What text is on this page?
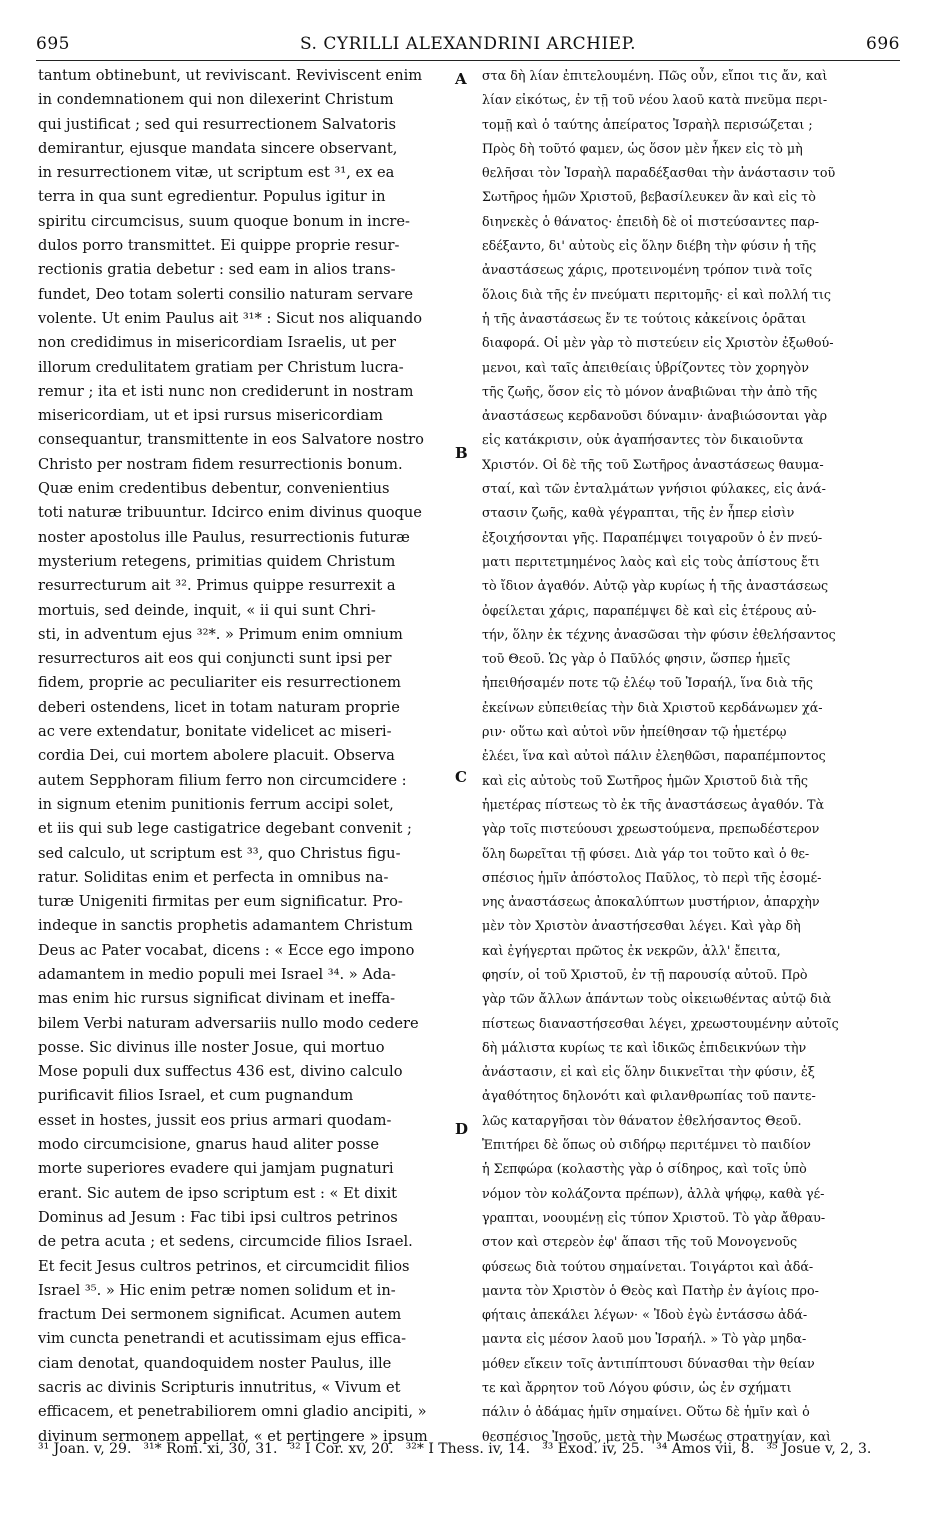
695	S. CYRILLI ALEXANDRINI ARCHIEP.	696
tantum obtinebunt, ut reviviscant. Reviviscent enim
in condemnationem qui non dilexerint Christum
qui justificat ; sed qui resurrectionem Salvatoris
demirantur, ejusque mandata sincere observant,
in resurrectionem vitæ, ut scriptum est ³¹, ex ea
terra in qua sunt egredientur. Populus igitur in
spiritu circumcisus, suum quoque bonum in incre-
dulos porro transmittet. Ei quippe proprie resur-
rectionis gratia debetur : sed eam in alios trans-
fundet, Deo totam solerti consilio naturam servare
volente. Ut enim Paulus ait ³¹* : Sicut nos aliquando
non credidimus in misericordiam Israelis, ut per
illorum credulitatem gratiam per Christum lucra-
remur ; ita et isti nunc non crediderunt in nostram
misericordiam, ut et ipsi rursus misericordiam
consequantur, transmittente in eos Salvatore nostro
Christo per nostram fidem resurrectionis bonum.
Quæ enim credentibus debentur, convenientius
toti naturæ tribuuntur. Idcirco enim divinus quoque
noster apostolus ille Paulus, resurrectionis futuræ
mysterium retegens, primitias quidem Christum
resurrecturum ait ³². Primus quippe resurrexit a
mortuis, sed deinde, inquit, « ii qui sunt Chri-
sti, in adventum ejus ³²*. » Primum enim omnium
resurrecturos ait eos qui conjuncti sunt ipsi per
fidem, proprie ac peculiariter eis resurrectionem
deberi ostendens, licet in totam naturam proprie
ac vere extendatur, bonitate videlicet ac miseri-
cordia Dei, cui mortem abolere placuit. Observa
autem Sepphoram filium ferro non circumcidere :
in signum etenim punitionis ferrum accipi solet,
et iis qui sub lege castigatrice degebant convenit ;
sed calculo, ut scriptum est ³³, quo Christus figu-
ratur. Soliditas enim et perfecta in omnibus na-
turæ Unigeniti firmitas per eum significatur. Pro-
indeque in sanctis prophetis adamantem Christum
Deus ac Pater vocabat, dicens : « Ecce ego impono
adamantem in medio populi mei Israel ³⁴. » Ada-
mas enim hic rursus significat divinam et ineffa-
bilem Verbi naturam adversariis nullo modo cedere
posse. Sic divinus ille noster Josue, qui mortuo
Mose populi dux suffectus 436 est, divino calculo
purificavit filios Israel, et cum pugnandum
esset in hostes, jussit eos prius armari quodam-
modo circumcisione, gnarus haud aliter posse
morte superiores evadere qui jamjam pugnaturi
erant. Sic autem de ipso scriptum est : « Et dixit
Dominus ad Jesum : Fac tibi ipsi cultros petrinos
de petra acuta ; et sedens, circumcide filios Israel.
Et fecit Jesus cultros petrinos, et circumcidit filios
Israel ³⁵. » Hic enim petræ nomen solidum et in-
fractum Dei sermonem significat. Acumen autem
vim cuncta penetrandi et acutissimam ejus effica-
ciam denotat, quandoquidem noster Paulus, ille
sacris ac divinis Scripturis innutritus, « Vivum et
efficacem, et penetrabiliorem omni gladio ancipiti, »
divinum sermonem appellat, « et pertingere » ipsum
στα δὴ λίαν ἐπιτελουμένη. Πῶς οὖν, εἴποι τις ἄν, καὶ
λίαν εἰκότως, ἐν τῇ τοῦ νέου λαοῦ κατὰ πνεῦμα περι-
τομῇ καὶ ὁ ταύτης ἀπείρατος Ἰσραὴλ περισώζεται ;
Πρὸς δὴ τοῦτό φαμεν, ὡς ὅσον μὲν ἧκεν εἰς τὸ μὴ
θελῆσαι τὸν Ἰσραὴλ παραδέξασθαι τὴν ἀνάστασιν τοῦ
Σωτῆρος ἡμῶν Χριστοῦ, βεβασίλευκεν ἂν καὶ εἰς τὸ
διηνεκὲς ὁ θάνατος· ἐπειδὴ δὲ οἱ πιστεύσαντες παρ-
εδέξαντο, δι' αὐτοὺς εἰς ὅλην διέβη τὴν φύσιν ἡ τῆς
ἀναστάσεως χάρις, προτεινομένη τρόπον τινὰ τοῖς
ὅλοις διὰ τῆς ἐν πνεύματι περιτομῆς· εἰ καὶ πολλή τις
ἡ τῆς ἀναστάσεως ἔν τε τούτοις κἀκείνοις ὁρᾶται
διαφορά. Οἱ μὲν γὰρ τὸ πιστεύειν εἰς Χριστὸν ἐξωθού-
μενοι, καὶ ταῖς ἀπειθείαις ὑβρίζοντες τὸν χορηγὸν
τῆς ζωῆς, ὅσον εἰς τὸ μόνον ἀναβιῶναι τὴν ἀπὸ τῆς
ἀναστάσεως κερδανοῦσι δύναμιν· ἀναβιώσονται γὰρ
εἰς κατάκρισιν, οὐκ ἀγαπήσαντες τὸν δικαιοῦντα
Χριστόν. Οἱ δὲ τῆς τοῦ Σωτῆρος ἀναστάσεως θαυμα-
σταί, καὶ τῶν ἐνταλμάτων γνήσιοι φύλακες, εἰς ἀνά-
στασιν ζωῆς, καθὰ γέγραπται, τῆς ἐν ἧπερ εἰσὶν
ἐξοιχήσονται γῆς. Παραπέμψει τοιγαροῦν ὁ ἐν πνεύ-
ματι περιτετμημένος λαὸς καὶ εἰς τοὺς ἀπίστους ἔτι
τὸ ἴδιον ἀγαθόν. Αὐτῷ γὰρ κυρίως ἡ τῆς ἀναστάσεως
ὀφείλεται χάρις, παραπέμψει δὲ καὶ εἰς ἑτέρους αὐ-
τήν, ὅλην ἐκ τέχνης ἀνασῶσαι τὴν φύσιν ἐθελήσαντος
τοῦ Θεοῦ. Ὡς γὰρ ὁ Παῦλός φησιν, ὥσπερ ἡμεῖς
ἠπειθήσαμέν ποτε τῷ ἐλέῳ τοῦ Ἰσραήλ, ἵνα διὰ τῆς
ἐκείνων εὐπειθείας τὴν διὰ Χριστοῦ κερδάνωμεν χά-
ριν· οὕτω καὶ αὐτοὶ νῦν ἠπείθησαν τῷ ἡμετέρῳ
ἐλέει, ἵνα καὶ αὐτοὶ πάλιν ἐλεηθῶσι, παραπέμποντος
καὶ εἰς αὐτοὺς τοῦ Σωτῆρος ἡμῶν Χριστοῦ διὰ τῆς
ἡμετέρας πίστεως τὸ ἐκ τῆς ἀναστάσεως ἀγαθόν. Τὰ
γὰρ τοῖς πιστεύουσι χρεωστούμενα, πρεπωδέστερον
ὅλη δωρεῖται τῇ φύσει. Διὰ γάρ τοι τοῦτο καὶ ὁ θε-
σπέσιος ἡμῖν ἀπόστολος Παῦλος, τὸ περὶ τῆς ἐσομέ-
νης ἀναστάσεως ἀποκαλύπτων μυστήριον, ἀπαρχὴν
μὲν τὸν Χριστὸν ἀναστήσεσθαι λέγει. Καὶ γὰρ δὴ
καὶ ἐγήγερται πρῶτος ἐκ νεκρῶν, ἀλλ' ἔπειτα,
φησίν, οἱ τοῦ Χριστοῦ, ἐν τῇ παρουσίᾳ αὐτοῦ. Πρὸ
γὰρ τῶν ἄλλων ἁπάντων τοὺς οἰκειωθέντας αὐτῷ διὰ
πίστεως διαναστήσεσθαι λέγει, χρεωστουμένην αὐτοῖς
δὴ μάλιστα κυρίως τε καὶ ἰδικῶς ἐπιδεικνύων τὴν
ἀνάστασιν, εἰ καὶ εἰς ὅλην διικνεῖται τὴν φύσιν, ἐξ
ἀγαθότητος δηλονότι καὶ φιλανθρωπίας τοῦ παντε-
λῶς καταργῆσαι τὸν θάνατον ἐθελήσαντος Θεοῦ.
Ἐπιτήρει δὲ ὅπως οὐ σιδήρῳ περιτέμνει τὸ παιδίον
ἡ Σεπφώρα (κολαστὴς γὰρ ὁ σίδηρος, καὶ τοῖς ὑπὸ
νόμον τὸν κολάζοντα πρέπων), ἀλλὰ ψήφῳ, καθὰ γέ-
γραπται, νοουμένῃ εἰς τύπον Χριστοῦ. Τὸ γὰρ ἄθραυ-
στον καὶ στερεὸν ἐφ' ἅπασι τῆς τοῦ Μονογενοῦς
φύσεως διὰ τούτου σημαίνεται. Τοιγάρτοι καὶ ἀδά-
μαντα τὸν Χριστὸν ὁ Θεὸς καὶ Πατὴρ ἐν ἁγίοις προ-
φήταις ἀπεκάλει λέγων· « Ἰδοὺ ἐγὼ ἐντάσσω ἀδά-
μαντα εἰς μέσον λαοῦ μου Ἰσραήλ. » Τὸ γὰρ μηδα-
μόθεν εἴκειν τοῖς ἀντιπίπτουσι δύνασθαι τὴν θείαν
τε καὶ ἄρρητον τοῦ Λόγου φύσιν, ὡς ἐν σχήματι
πάλιν ὁ ἀδάμας ἡμῖν σημαίνει. Οὕτω δὲ ἡμῖν καὶ ὁ
θεσπέσιος Ἰησοῦς, μετὰ τὴν Μωσέως στρατηγίαν, καὶ
A
B
C
D
³¹ Joan. v, 29. ³¹* Rom. xi, 30, 31. ³² I Cor. xv, 20. ³²* I Thess. iv, 14. ³³ Exod. iv, 25. ³⁴ Amos vii, 8. ³⁵ Josue v, 2, 3.
